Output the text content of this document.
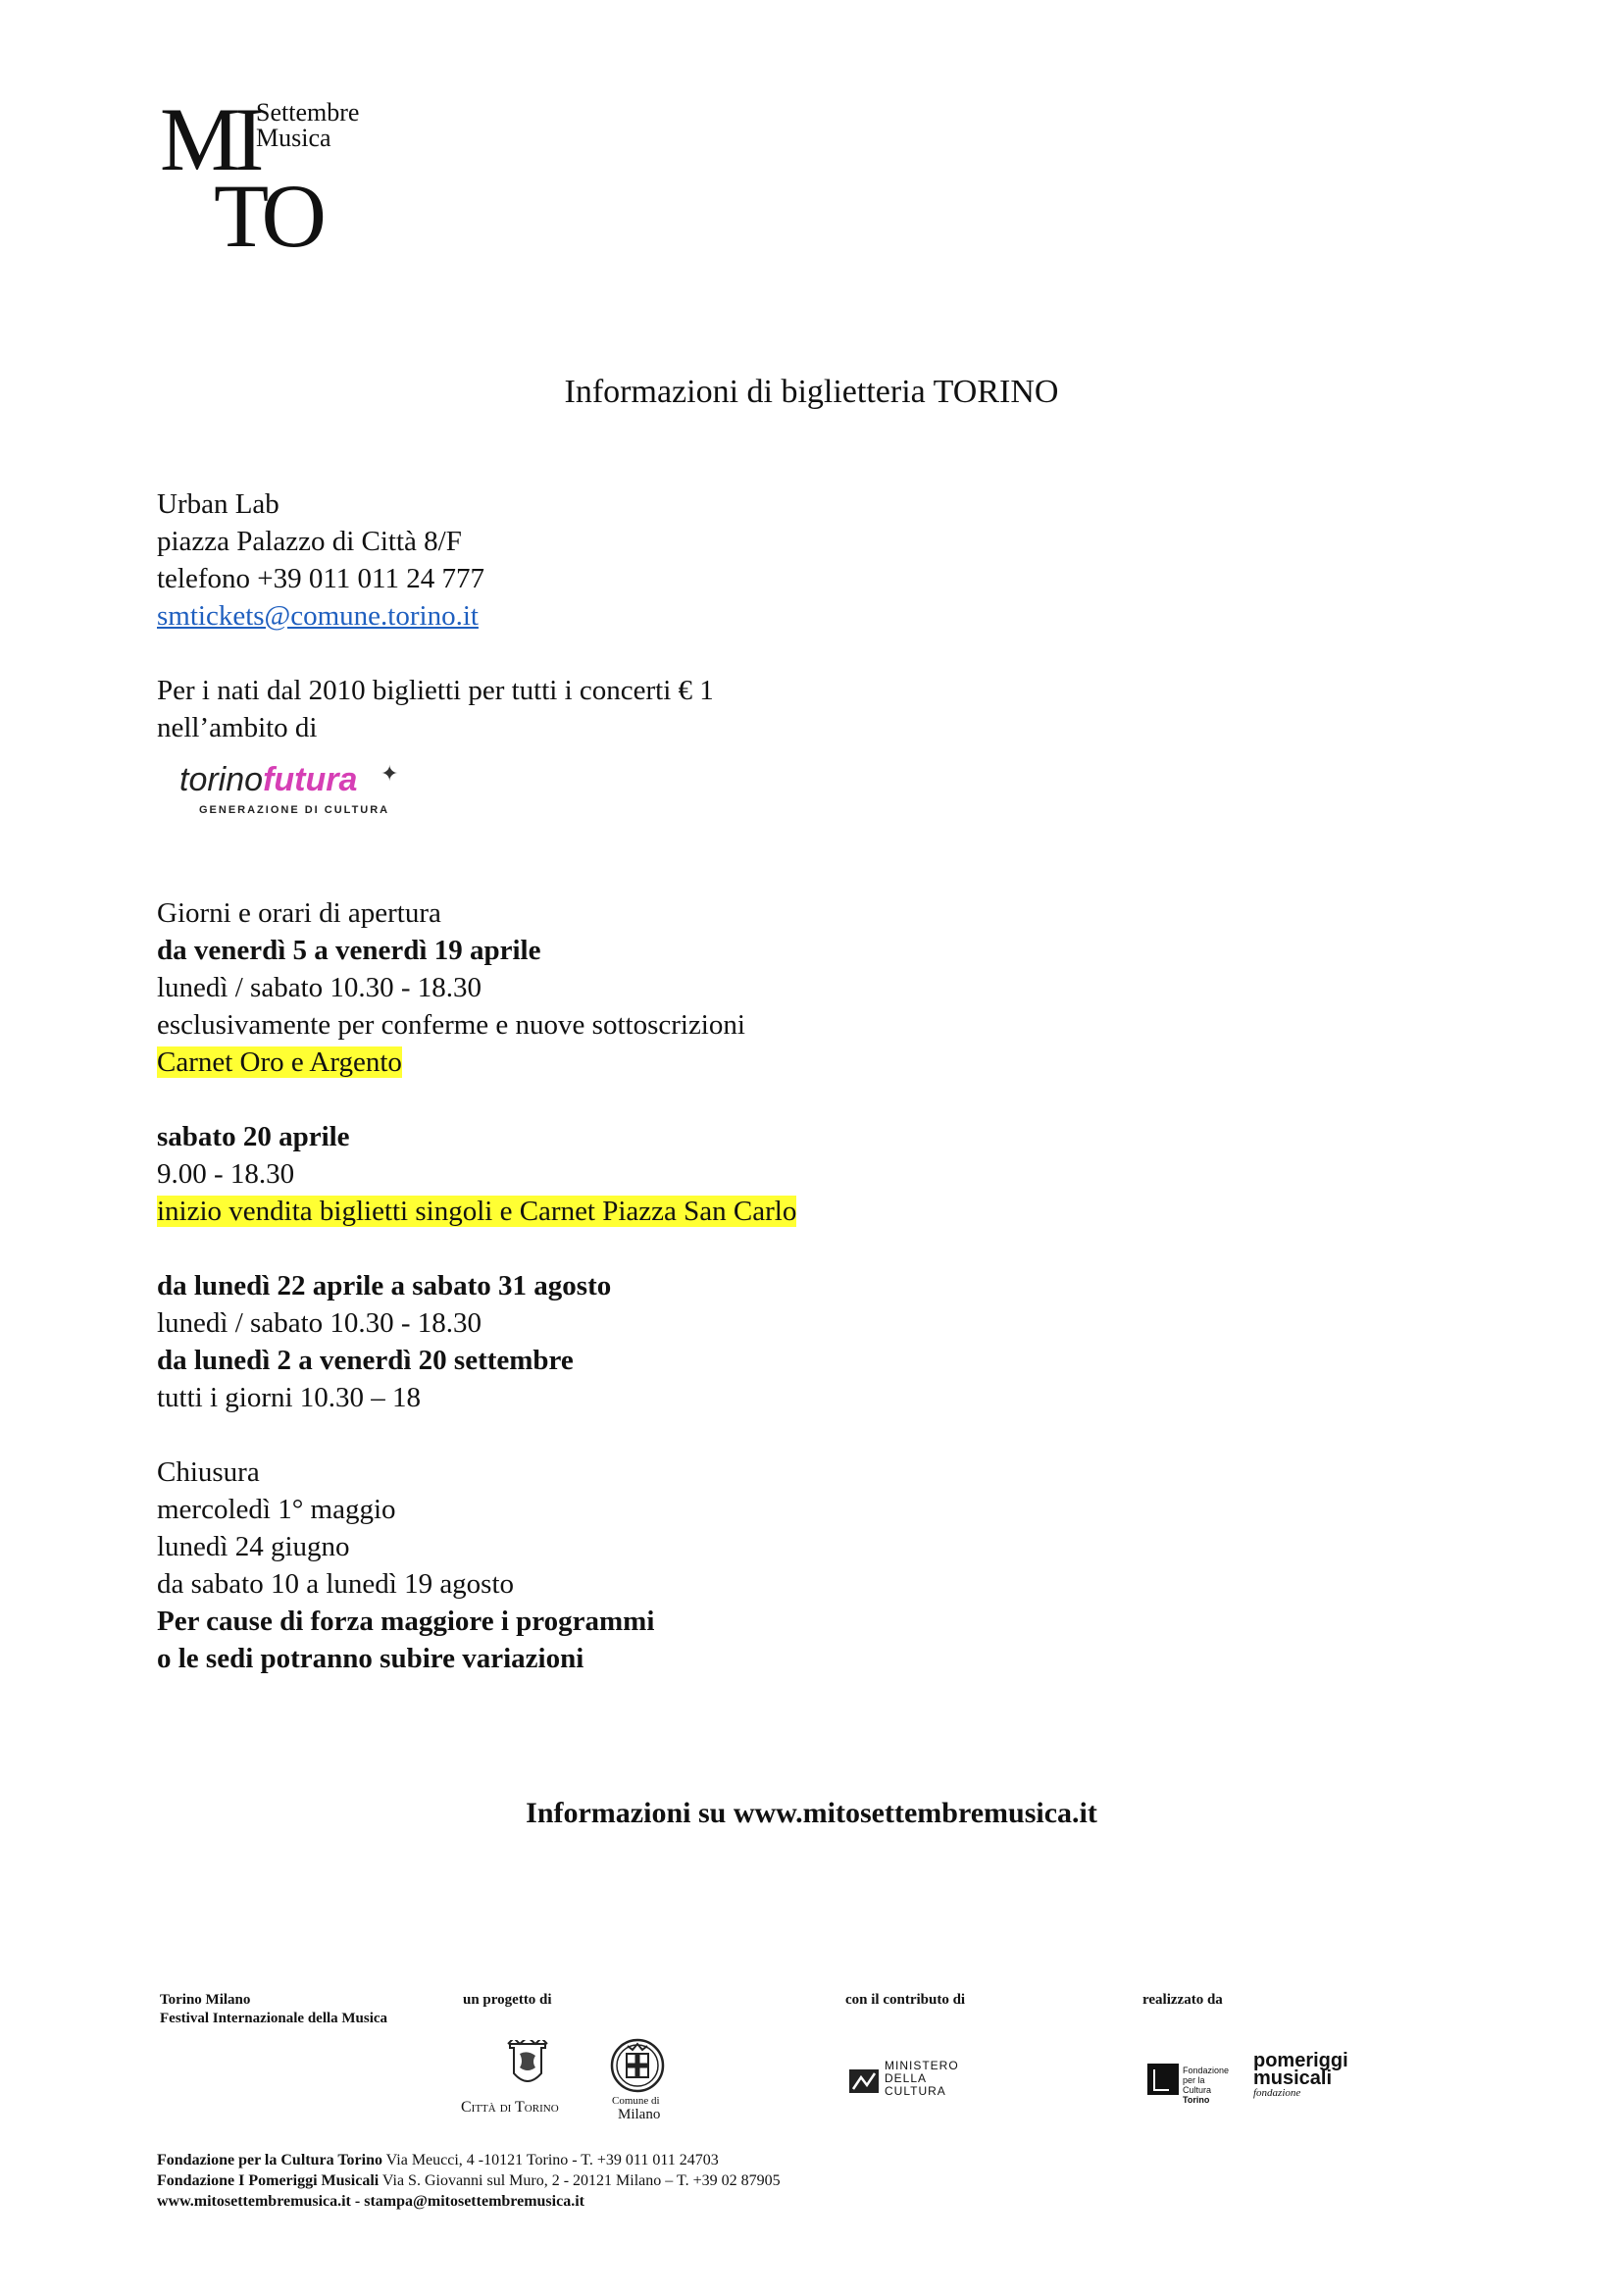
MI
TO
Settembre
Musica
Informazioni di biglietteria TORINO
Urban Lab
piazza Palazzo di Città 8/F
telefono +39 011 011 24 777
smtickets@comune.torino.it
Per i nati dal 2010 biglietti per tutti i concerti € 1
nell’ambito di
torinofutura ✦
GENERAZIONE DI CULTURA
Giorni e orari di apertura
da venerdì 5 a venerdì 19 aprile
lunedì / sabato 10.30 - 18.30
esclusivamente per conferme e nuove sottoscrizioni
Carnet Oro e Argento
sabato 20 aprile
9.00 - 18.30
inizio vendita biglietti singoli e Carnet Piazza San Carlo
da lunedì 22 aprile a sabato 31 agosto
lunedì / sabato 10.30 - 18.30
da lunedì 2 a venerdì 20 settembre
tutti i giorni 10.30 – 18
Chiusura
mercoledì 1° maggio
lunedì 24 giugno
da sabato 10 a lunedì 19 agosto
Per cause di forza maggiore i programmi
o le sedi potranno subire variazioni
Informazioni su www.mitosettembremusica.it
Torino Milano
Festival Internazionale della Musica
un progetto di	con il contributo di	realizzato da
Città di Torino	Comune di
Milano
MINISTERO
DELLA
CULTURA
Fondazione
per la Cultura
Torino
pomeriggi
musicali
fondazione
Fondazione per la Cultura Torino Via Meucci, 4 -10121 Torino - T. +39 011 011 24703
Fondazione I Pomeriggi Musicali Via S. Giovanni sul Muro, 2 - 20121 Milano – T. +39 02 87905
www.mitosettembremusica.it - stampa@mitosettembremusica.it
